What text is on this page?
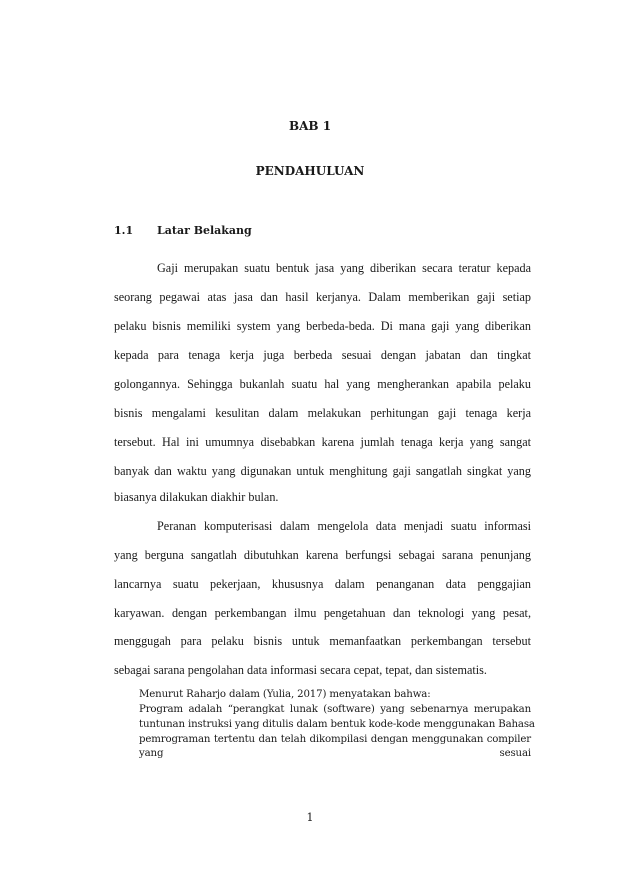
BAB 1
PENDAHULUAN
1.1 Latar Belakang
Gaji merupakan suatu bentuk jasa yang diberikan secara teratur kepada
seorang pegawai atas jasa dan hasil kerjanya. Dalam memberikan gaji setiap
pelaku bisnis memiliki system yang berbeda-beda. Di mana gaji yang diberikan
kepada para tenaga kerja juga berbeda sesuai dengan jabatan dan tingkat
golongannya. Sehingga bukanlah suatu hal yang mengherankan apabila pelaku
bisnis mengalami kesulitan dalam melakukan perhitungan gaji tenaga kerja
tersebut. Hal ini umumnya disebabkan karena jumlah tenaga kerja yang sangat
banyak dan waktu yang digunakan untuk menghitung gaji sangatlah singkat yang
biasanya dilakukan diakhir bulan.
Peranan komputerisasi dalam mengelola data menjadi suatu informasi
yang berguna sangatlah dibutuhkan karena berfungsi sebagai sarana penunjang
lancarnya suatu pekerjaan, khususnya dalam penanganan data penggajian
karyawan. dengan perkembangan ilmu pengetahuan dan teknologi yang pesat,
menggugah para pelaku bisnis untuk memanfaatkan perkembangan tersebut
sebagai sarana pengolahan data informasi secara cepat, tepat, dan sistematis.
Menurut Raharjo dalam (Yulia, 2017) menyatakan bahwa:
Program adalah “perangkat lunak (software) yang sebenarnya merupakan
tuntunan instruksi yang ditulis dalam bentuk kode-kode menggunakan Bahasa
pemrograman tertentu dan telah dikompilasi dengan menggunakan compiler
yang sesuai
1
